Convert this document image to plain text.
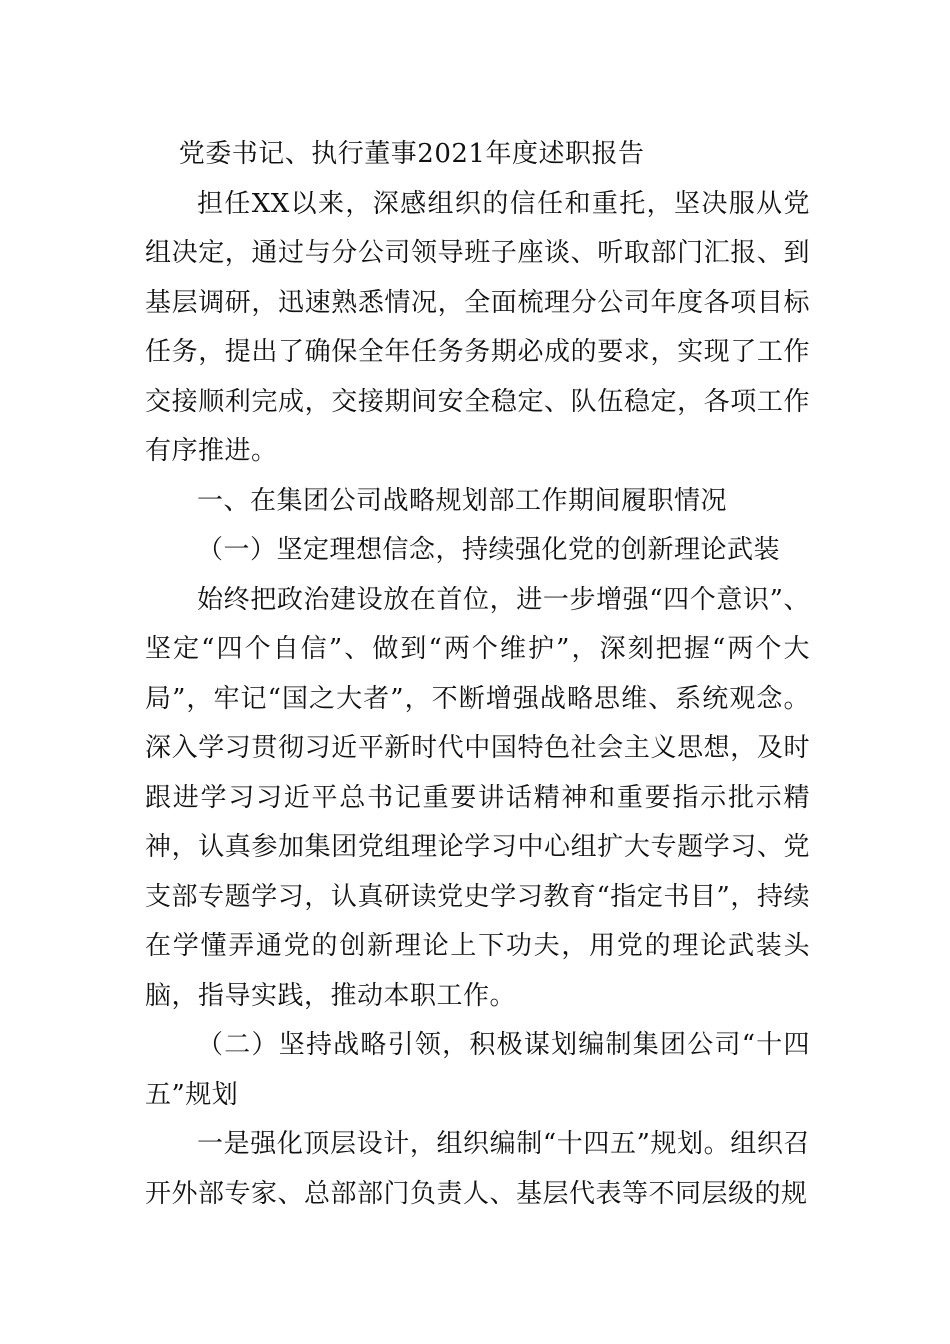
党委书记、执行董事2021年度述职报告

担任XX以来，深感组织的信任和重托，坚决服从党组决定，通过与分公司领导班子座谈、听取部门汇报、到基层调研，迅速熟悉情况，全面梳理分公司年度各项目标任务，提出了确保全年任务务期必成的要求，实现了工作交接顺利完成，交接期间安全稳定、队伍稳定，各项工作有序推进。

一、在集团公司战略规划部工作期间履职情况

（一）坚定理想信念，持续强化党的创新理论武装

始终把政治建设放在首位，进一步增强“四个意识”、坚定“四个自信”、做到“两个维护”，深刻把握“两个大局”，牢记“国之大者”，不断增强战略思维、系统观念。深入学习贯彻习近平新时代中国特色社会主义思想，及时跟进学习习近平总书记重要讲话精神和重要指示批示精神，认真参加集团党组理论学习中心组扩大专题学习、党支部专题学习，认真研读党史学习教育“指定书目”，持续在学懂弄通党的创新理论上下功夫，用党的理论武装头脑，指导实践，推动本职工作。

（二）坚持战略引领，积极谋划编制集团公司“十四五”规划

一是强化顶层设计，组织编制“十四五”规划。组织召开外部专家、总部部门负责人、基层代表等不同层级的规
